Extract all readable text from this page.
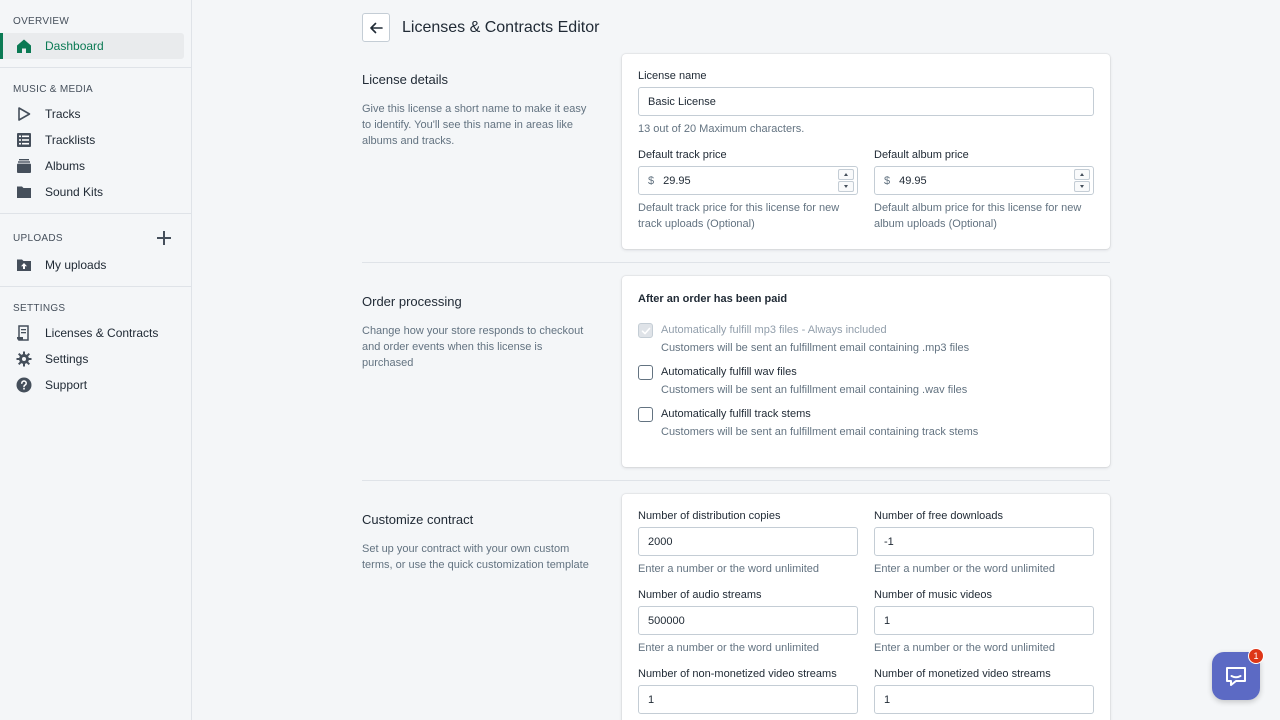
OVERVIEW
Dashboard
MUSIC & MEDIA
Tracks
Tracklists
Albums
Sound Kits
UPLOADS
My uploads
SETTINGS
Licenses & Contracts
Settings
Support
Licenses & Contracts Editor
License details
Give this license a short name to make it easy to identify. You'll see this name in areas like albums and tracks.
License name
Basic License
13 out of 20 Maximum characters.
Default track price
$ 29.95
Default track price for this license for new track uploads (Optional)
Default album price
$ 49.95
Default album price for this license for new album uploads (Optional)
Order processing
Change how your store responds to checkout and order events when this license is purchased
After an order has been paid
Automatically fulfill mp3 files - Always included
Customers will be sent an fulfillment email containing .mp3 files
Automatically fulfill wav files
Customers will be sent an fulfillment email containing .wav files
Automatically fulfill track stems
Customers will be sent an fulfillment email containing track stems
Customize contract
Set up your contract with your own custom terms, or use the quick customization template
Number of distribution copies
2000
Enter a number or the word unlimited
Number of free downloads
-1
Enter a number or the word unlimited
Number of audio streams
500000
Enter a number or the word unlimited
Number of music videos
1
Enter a number or the word unlimited
Number of non-monetized video streams
1
Number of monetized video streams
1
1
